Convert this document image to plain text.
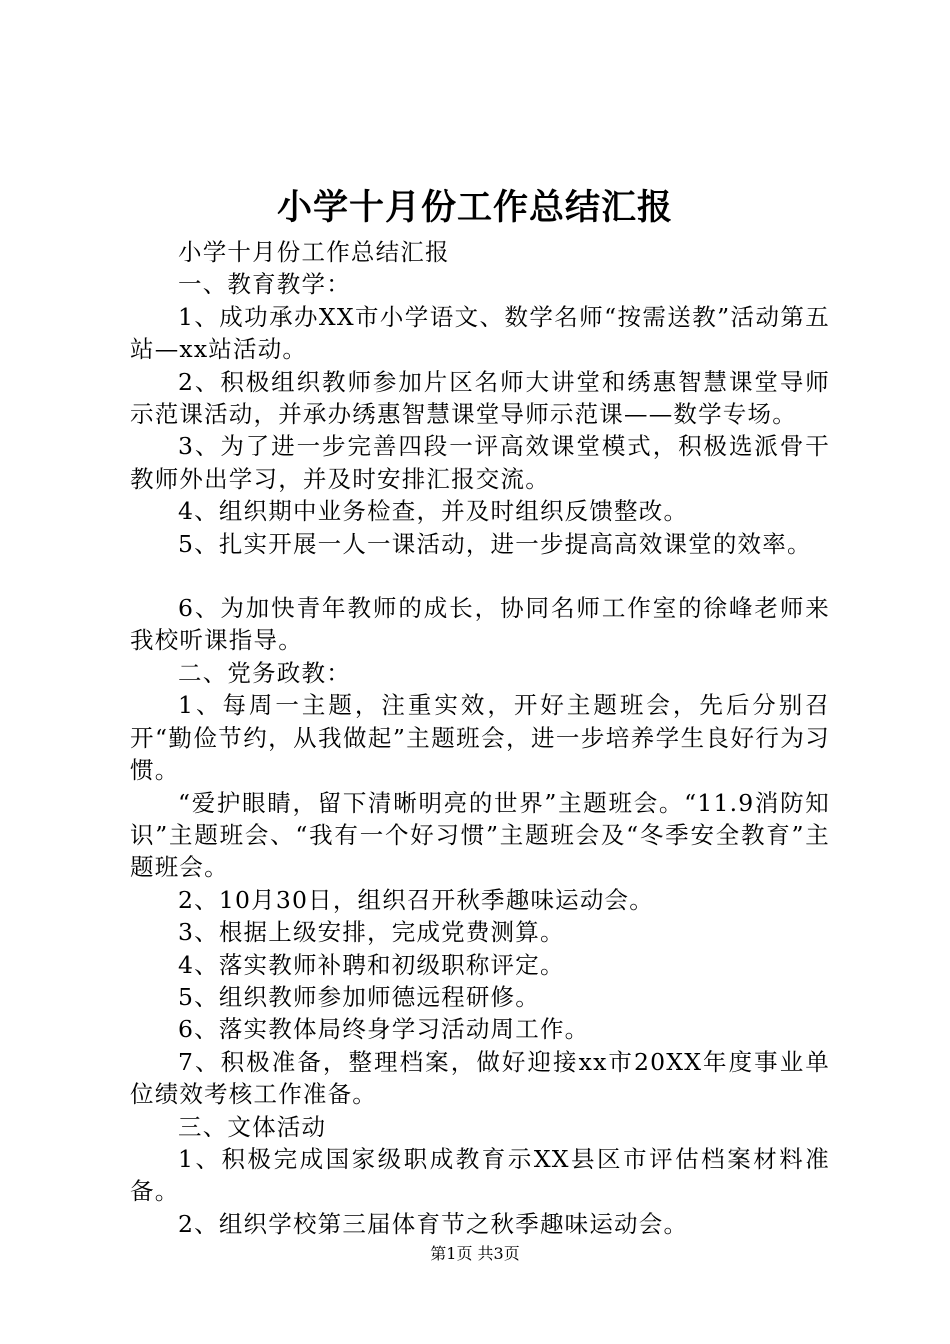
小学十月份工作总结汇报

小学十月份工作总结汇报

一、教育教学：

1、成功承办XX市小学语文、数学名师“按需送教”活动第五站—xx站活动。

2、积极组织教师参加片区名师大讲堂和绣惠智慧课堂导师示范课活动，并承办绣惠智慧课堂导师示范课——数学专场。

3、为了进一步完善四段一评高效课堂模式，积极选派骨干教师外出学习，并及时安排汇报交流。

4、组织期中业务检查，并及时组织反馈整改。

5、扎实开展一人一课活动，进一步提高高效课堂的效率。

6、为加快青年教师的成长，协同名师工作室的徐峰老师来我校听课指导。

二、党务政教：

1、每周一主题，注重实效，开好主题班会，先后分别召开“勤俭节约，从我做起”主题班会，进一步培养学生良好行为习惯。

“爱护眼睛，留下清晰明亮的世界”主题班会。“11.9消防知识”主题班会、“我有一个好习惯”主题班会及“冬季安全教育”主题班会。

2、10月30日，组织召开秋季趣味运动会。

3、根据上级安排，完成党费测算。

4、落实教师补聘和初级职称评定。

5、组织教师参加师德远程研修。

6、落实教体局终身学习活动周工作。

7、积极准备，整理档案，做好迎接xx市20XX年度事业单位绩效考核工作准备。

三、文体活动

1、积极完成国家级职成教育示XX县区市评估档案材料准备。

2、组织学校第三届体育节之秋季趣味运动会。

第1页 共3页
